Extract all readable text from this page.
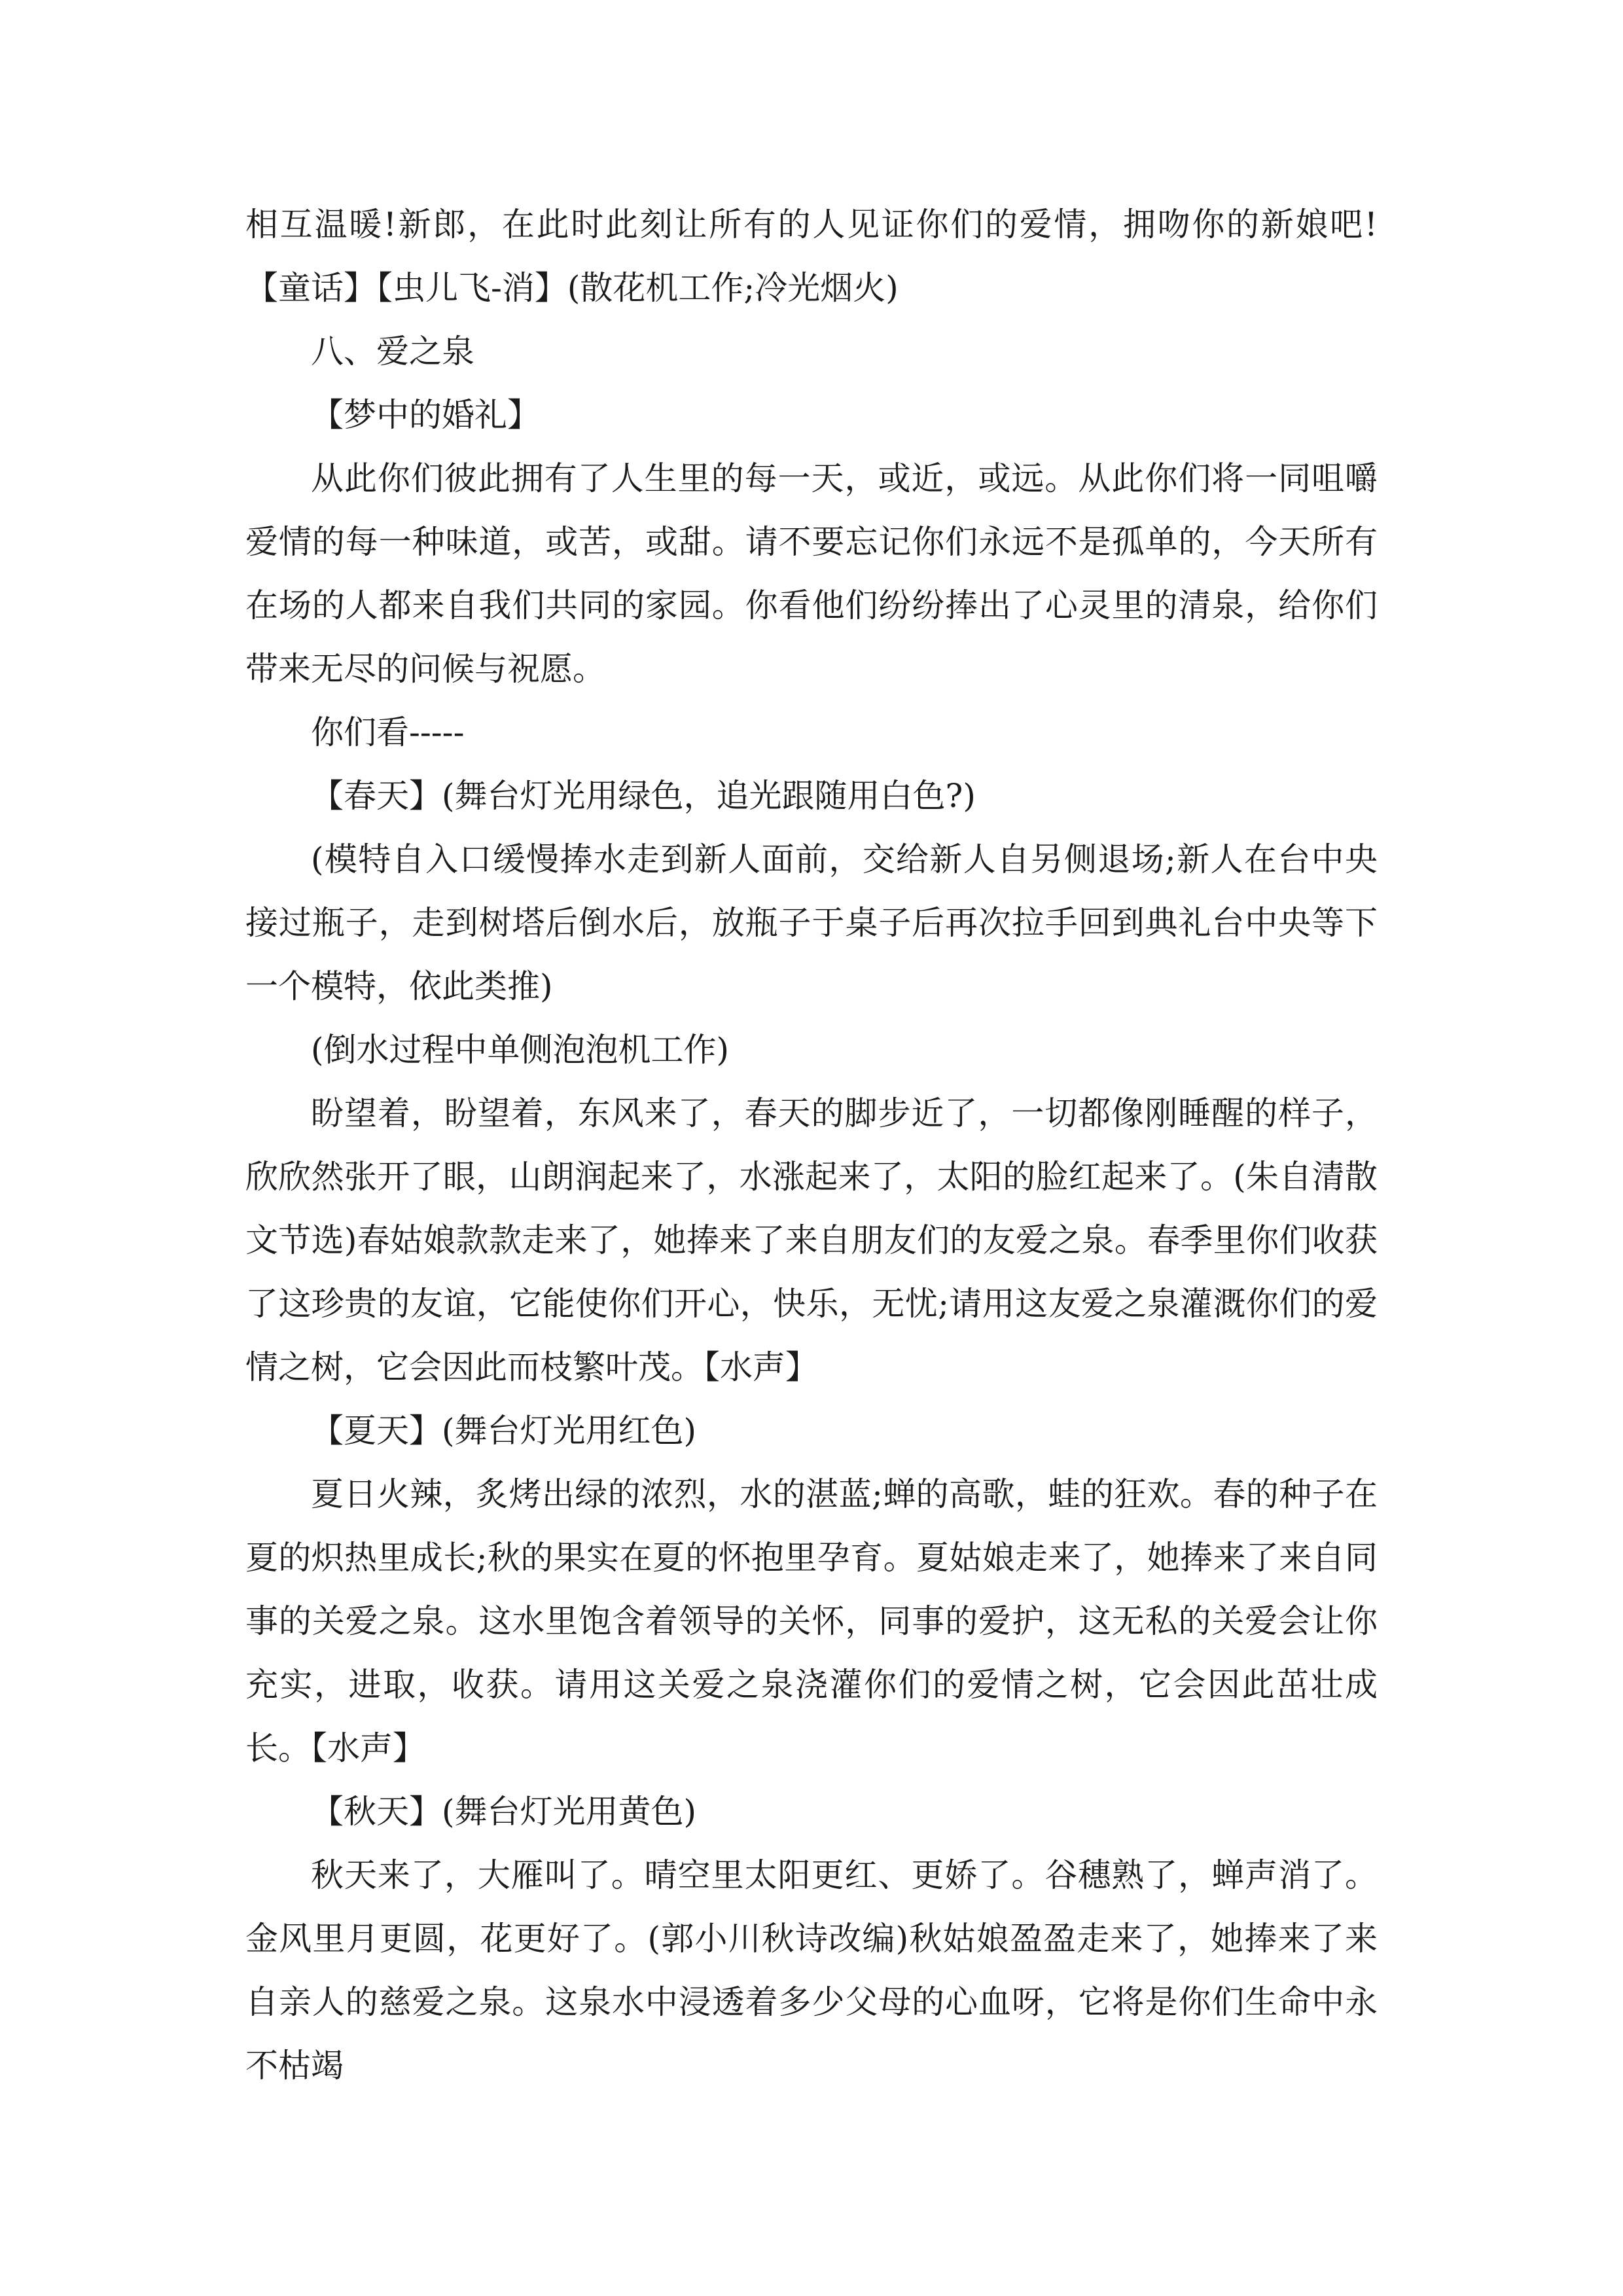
相互温暖!新郎，在此时此刻让所有的人见证你们的爱情，拥吻你的新娘吧!【童话】【虫儿飞-消】(散花机工作;冷光烟火)

八、爱之泉

【梦中的婚礼】

从此你们彼此拥有了人生里的每一天，或近，或远。从此你们将一同咀嚼爱情的每一种味道，或苦，或甜。请不要忘记你们永远不是孤单的，今天所有在场的人都来自我们共同的家园。你看他们纷纷捧出了心灵里的清泉，给你们带来无尽的问候与祝愿。

你们看-----

【春天】(舞台灯光用绿色，追光跟随用白色?)

(模特自入口缓慢捧水走到新人面前，交给新人自另侧退场;新人在台中央接过瓶子，走到树塔后倒水后，放瓶子于桌子后再次拉手回到典礼台中央等下一个模特，依此类推)

(倒水过程中单侧泡泡机工作)

盼望着，盼望着，东风来了，春天的脚步近了，一切都像刚睡醒的样子，欣欣然张开了眼，山朗润起来了，水涨起来了，太阳的脸红起来了。(朱自清散文节选)春姑娘款款走来了，她捧来了来自朋友们的友爱之泉。春季里你们收获了这珍贵的友谊，它能使你们开心，快乐，无忧;请用这友爱之泉灌溉你们的爱情之树，它会因此而枝繁叶茂。【水声】

【夏天】(舞台灯光用红色)

夏日火辣，炙烤出绿的浓烈，水的湛蓝;蝉的高歌，蛙的狂欢。春的种子在夏的炽热里成长;秋的果实在夏的怀抱里孕育。夏姑娘走来了，她捧来了来自同事的关爱之泉。这水里饱含着领导的关怀，同事的爱护，这无私的关爱会让你充实，进取，收获。请用这关爱之泉浇灌你们的爱情之树，它会因此茁壮成长。【水声】

【秋天】(舞台灯光用黄色)

秋天来了，大雁叫了。晴空里太阳更红、更娇了。谷穗熟了，蝉声消了。金风里月更圆，花更好了。(郭小川秋诗改编)秋姑娘盈盈走来了，她捧来了来自亲人的慈爱之泉。这泉水中浸透着多少父母的心血呀，它将是你们生命中永不枯竭
